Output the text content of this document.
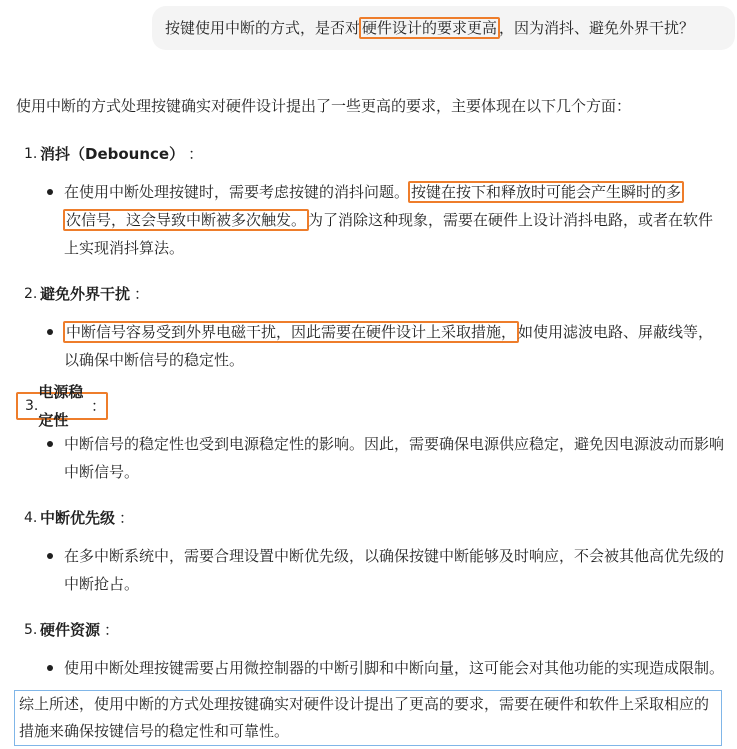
按键使用中断的方式，是否对 硬件设计的要求更高 ，因为消抖、避免外界干扰？
使用中断的方式处理按键确实对硬件设计提出了一些更高的要求，主要体现在以下几个方面：
1. 消抖（Debounce） ：
在使用中断处理按键时，需要考虑按键的消抖问题。 按键在按下和释放时可能会产生瞬时的多
次信号，这会导致中断被多次触发。 为了消除这种现象，需要在硬件上设计消抖电路，或者在软件上实现消抖算法。
2. 避免外界干扰 ：
中断信号容易受到外界电磁干扰，因此需要在硬件设计上采取措施， 如使用滤波电路、屏蔽线等，以确保中断信号的稳定性。
3.
电源稳定性
：
中断信号的稳定性也受到电源稳定性的影响。因此，需要确保电源供应稳定，避免因电源波动而影响中断信号。
4. 中断优先级 ：
在多中断系统中，需要合理设置中断优先级，以确保按键中断能够及时响应，不会被其他高优先级的中断抢占。
5. 硬件资源 ：
使用中断处理按键需要占用微控制器的中断引脚和中断向量，这可能会对其他功能的实现造成限制。
综上所述，使用中断的方式处理按键确实对硬件设计提出了更高的要求，需要在硬件和软件上采取相应的措施来确保按键信号的稳定性和可靠性。
